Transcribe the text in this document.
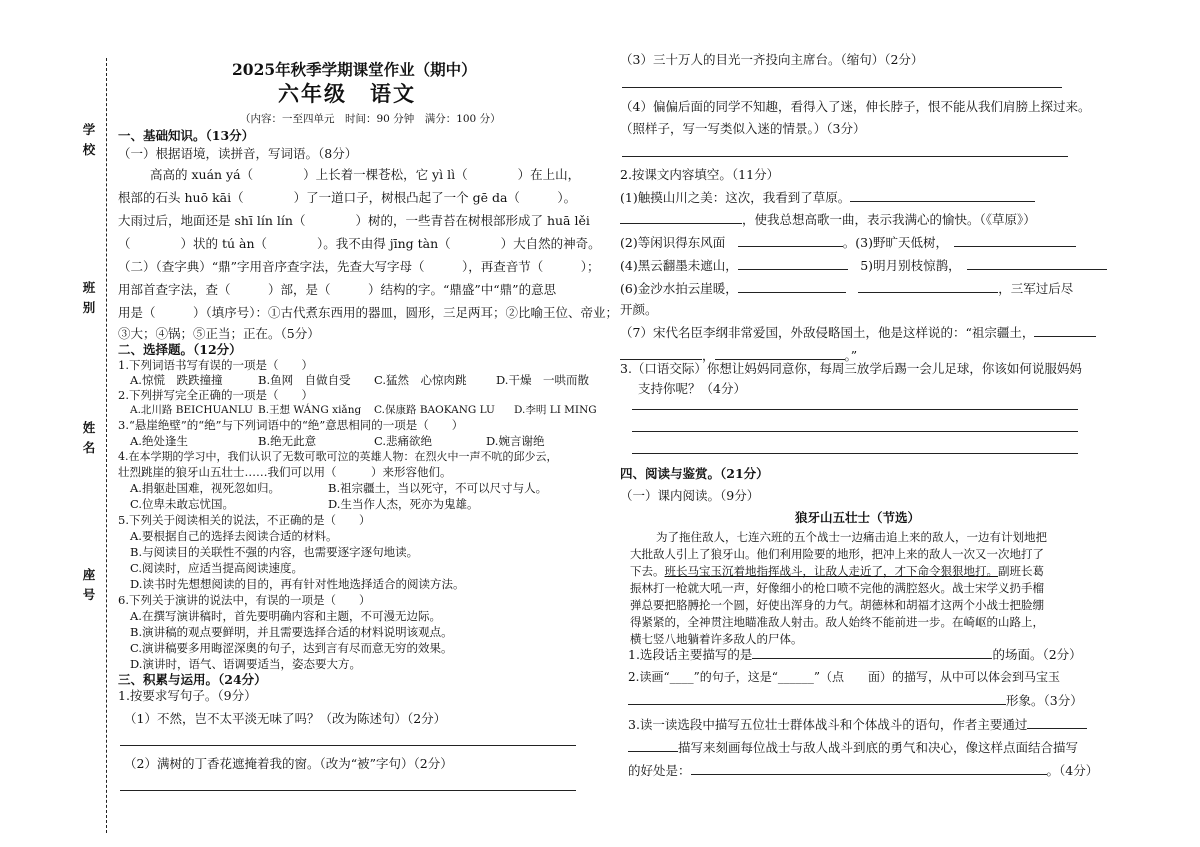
学校
班别
姓名
座号
2025年秋季学期课堂作业（期中）
六年级　语文
（内容：一至四单元　时间：90 分钟　满分：100 分）
一、基础知识。（13分）
（一）根据语境，读拼音，写词语。（8分）
高高的 xuán yá（　　　　）上长着一棵苍松，它 yì lì（　　　　）在上山，
根部的石头 huō kāi（　　　　）了一道口子，树根凸起了一个 gē da（　　　）。
大雨过后，地面还是 shī lín lín（　　　　）树的，一些青苔在树根部形成了 huā lěi
（　　　　）状的 tú àn（　　　　）。我不由得 jīng tàn（　　　　）大自然的神奇。
（二）（查字典）“鼎”字用音序查字法，先查大写字母（　　　），再查音节（　　　）；
用部首查字法，查（　　　）部，是（　　　）结构的字。“鼎盛”中“鼎”的意思
用是（　　　）（填序号）：①古代煮东西用的器皿，圆形，三足两耳；②比喻王位、帝业；
③大；④锅；⑤正当；正在。（5分）
二、选择题。（12分）
1.下列词语书写有误的一项是（　　）
A.惊慌　跌跌撞撞	B.鱼网　自做自受 C.猛然　心惊肉跳	D.干燥　一哄而散
2.下列拼写完全正确的一项是（　　）
A.北川路 BEICHUANLU B.王想 WÁNG xiǎng C.保康路 BAOKANG LU D.李明 LI MING
3.“悬崖绝壁”的“绝”与下列词语中的“绝”意思相同的一项是（　　）
A.绝处逢生	B.绝无此意	C.悲痛欲绝	D.婉言谢绝
4.在本学期的学习中，我们认识了无数可歌可泣的英雄人物：在烈火中一声不吭的邱少云，
壮烈跳崖的狼牙山五壮士……我们可以用（　　　）来形容他们。
A.捐躯赴国难，视死忽如归。	B.祖宗疆土，当以死守，不可以尺寸与人。
C.位卑未敢忘忧国。	D.生当作人杰，死亦为鬼雄。
5.下列关于阅读相关的说法，不正确的是（　　）
A.要根据自己的选择去阅读合适的材料。
B.与阅读目的关联性不强的内容，也需要逐字逐句地读。
C.阅读时，应适当提高阅读速度。
D.读书时先想想阅读的目的，再有针对性地选择适合的阅读方法。
6.下列关于演讲的说法中，有误的一项是（　　）
A.在撰写演讲稿时，首先要明确内容和主题，不可漫无边际。
B.演讲稿的观点要鲜明，并且需要选择合适的材料说明该观点。
C.演讲稿要多用晦涩深奥的句子，达到言有尽而意无穷的效果。
D.演讲时，语气、语调要适当，姿态要大方。
三、积累与运用。（24分）
1.按要求写句子。（9分）
（1）不然，岂不太平淡无味了吗？（改为陈述句）（2分）
（2）满树的丁香花遮掩着我的窗。（改为“被”字句）（2分）
（3）三十万人的目光一齐投向主席台。（缩句）（2分）
（4）偏偏后面的同学不知趣，看得入了迷，伸长脖子，恨不能从我们肩膀上探过来。
（照样子，写一写类似入迷的情景。）（3分）
2.按课文内容填空。（11分）
(1)触摸山川之美：这次，我看到了草原。
，使我总想高歌一曲，表示我满心的愉快。（《草原》）
(2)等闲识得东风面　	。(3)野旷天低树，　
(4)黑云翻墨未遮山，　	5)明月别枝惊鹊，　
(6)金沙水拍云崖暖，　	，三军过后尽
开颜。
（7）宋代名臣李纲非常爱国，外敌侵略国土，他是这样说的：“祖宗疆土，
，	。”
3.（口语交际）你想让妈妈同意你，每周三放学后踢一会儿足球，你该如何说服妈妈
支持你呢？（4分）
四、阅读与鉴赏。（21分）
（一）课内阅读。（9分）
狼牙山五壮士（节选）
为了拖住敌人，七连六班的五个战士一边痛击追上来的敌人，一边有计划地把
大批敌人引上了狼牙山。他们利用险要的地形，把冲上来的敌人一次又一次地打了
下去。班长马宝玉沉着地指挥战斗，让敌人走近了，才下命令狠狠地打。副班长葛
振林打一枪就大吼一声，好像细小的枪口喷不完他的满腔怒火。战士宋学义扔手榴
弹总要把胳膊抡一个圆，好使出浑身的力气。胡德林和胡福才这两个小战士把脸绷
得紧紧的，全神贯注地瞄准敌人射击。敌人始终不能前进一步。在崎岖的山路上，
横七竖八地躺着许多敌人的尸体。
1.选段话主要描写的是	的场面。（2分）
2.读画“____”的句子，这是“______”（点　　面）的描写，从中可以体会到马宝玉
形象。（3分）
3.读一读选段中描写五位壮士群体战斗和个体战斗的语句，作者主要通过
描写来刻画每位战士与敌人战斗到底的勇气和决心，像这样点面结合描写
的好处是：	。（4分）
